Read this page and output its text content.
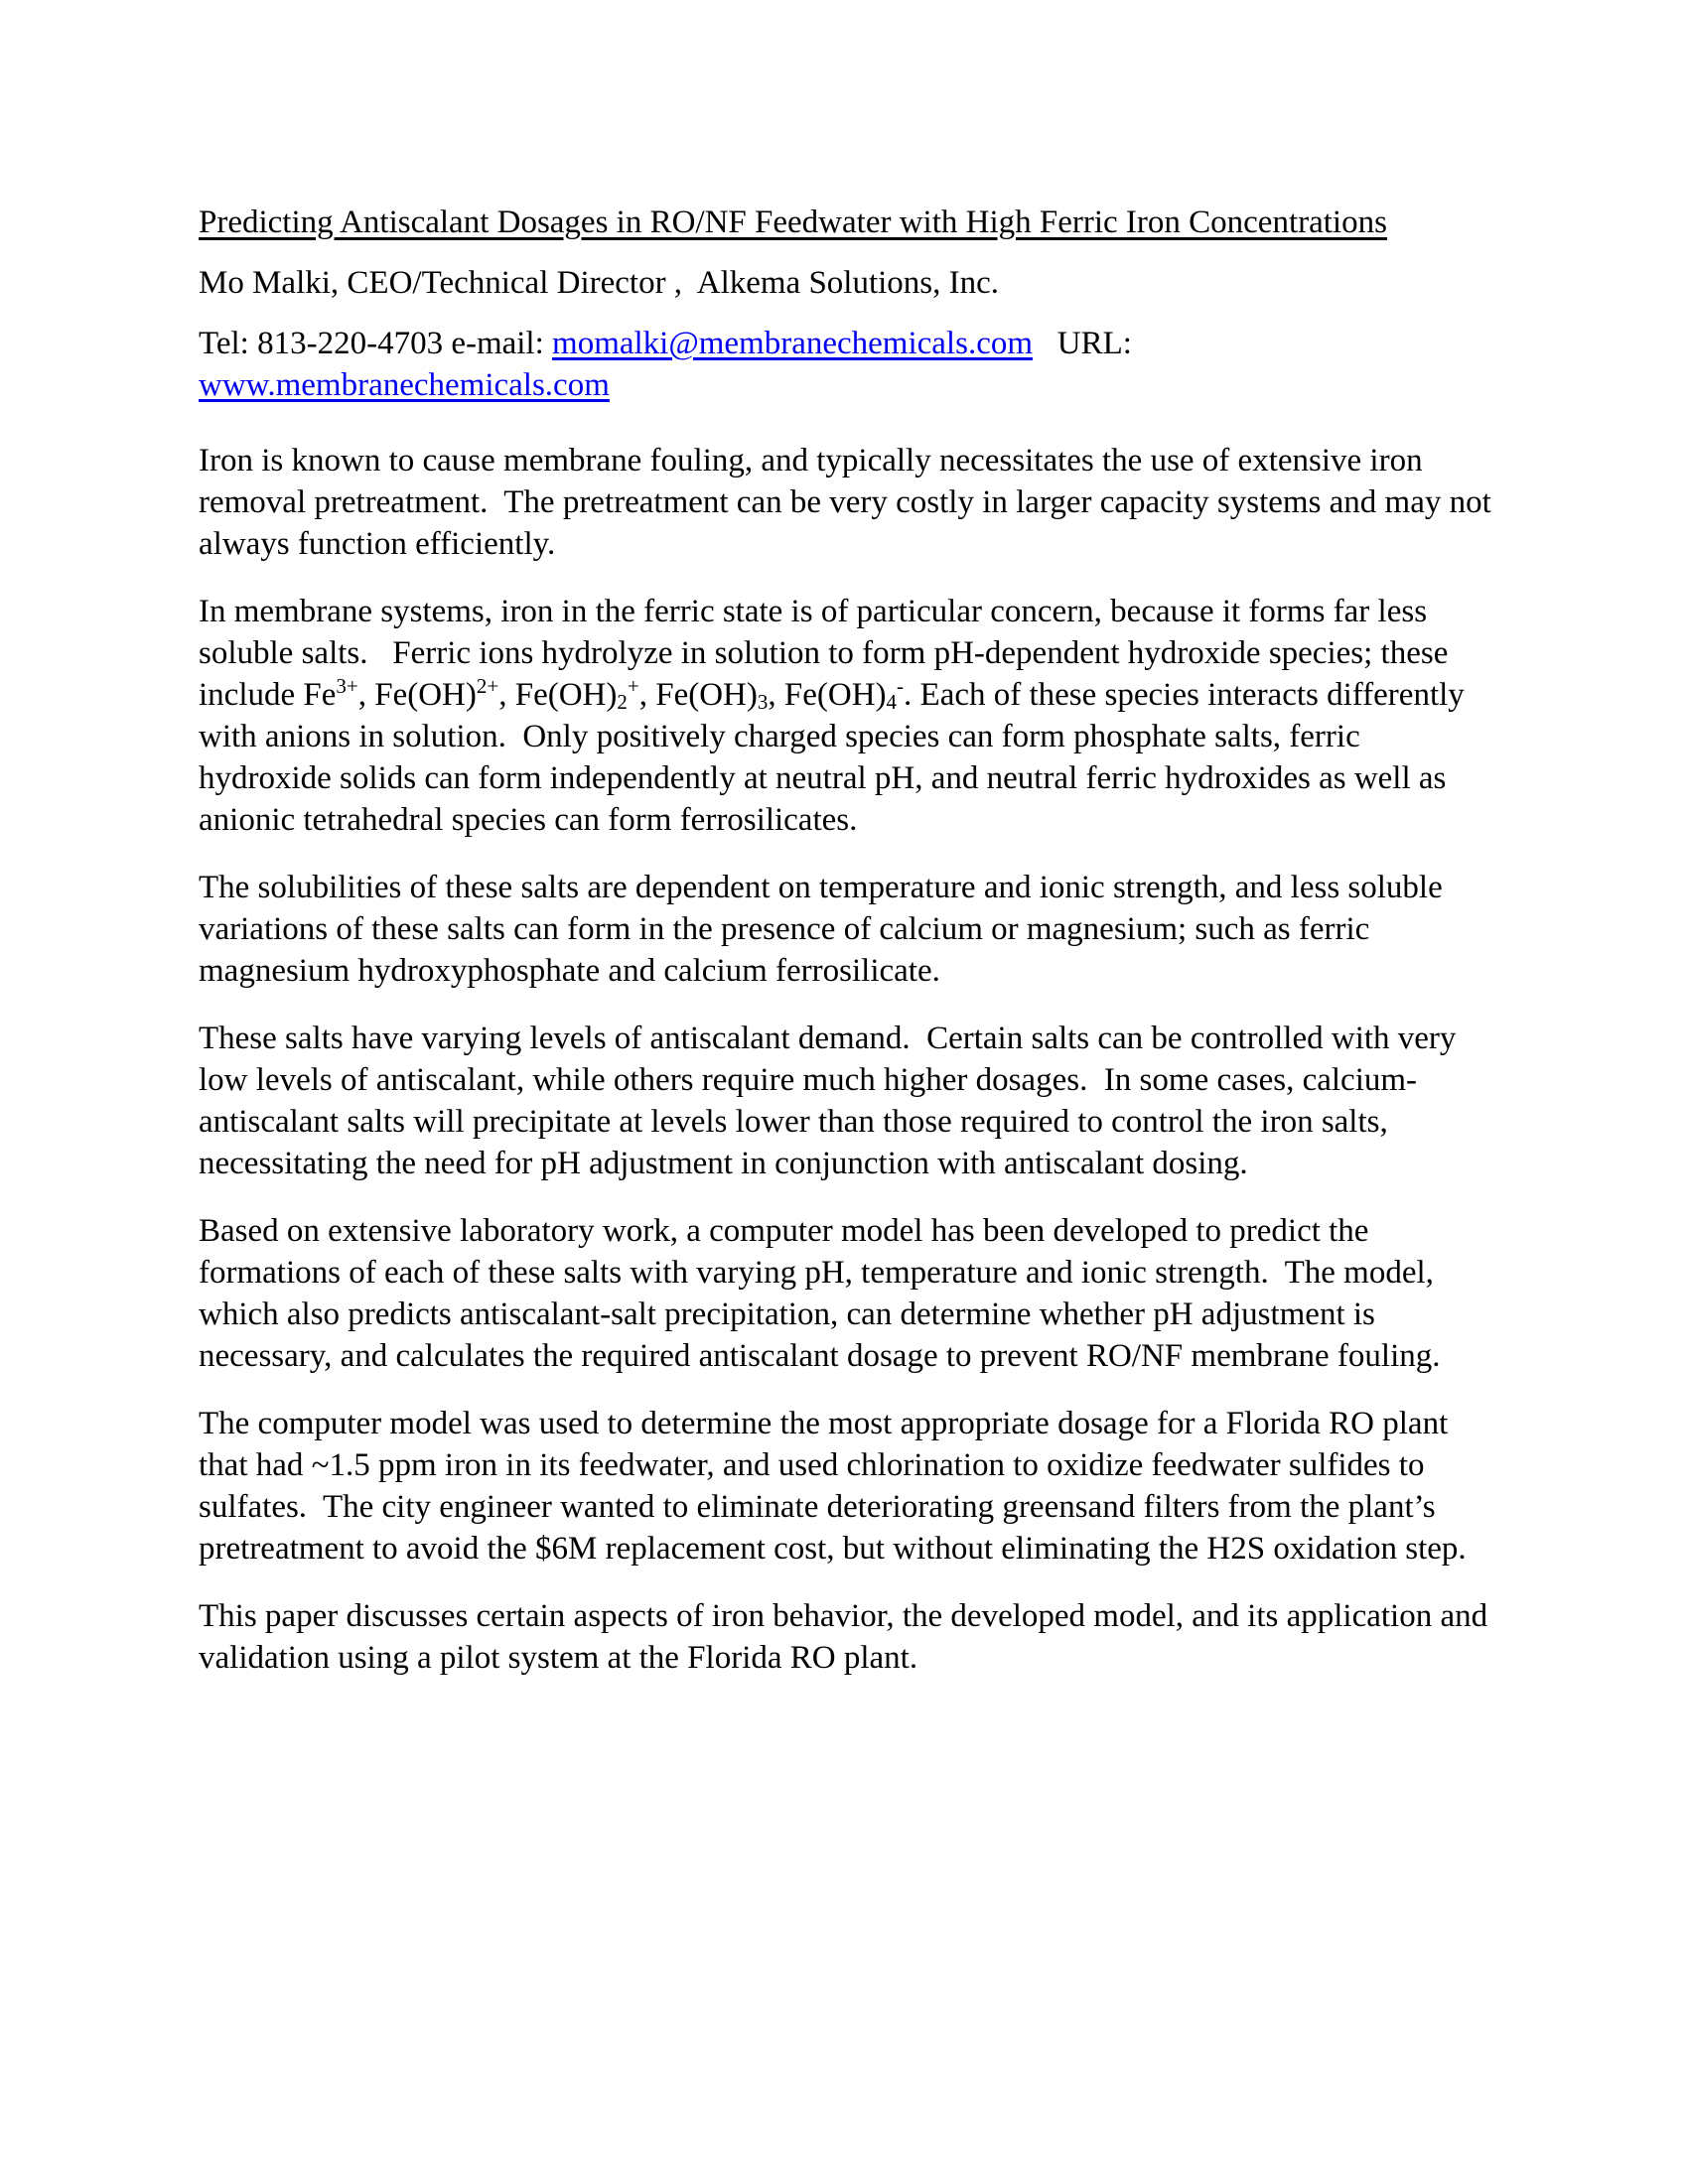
Predicting Antiscalant Dosages in RO/NF Feedwater with High Ferric Iron Concentrations

Mo Malki, CEO/Technical Director ,  Alkema Solutions, Inc.

Tel: 813-220-4703 e-mail: momalki@membranechemicals.com   URL:
www.membranechemicals.com

Iron is known to cause membrane fouling, and typically necessitates the use of extensive iron removal pretreatment.  The pretreatment can be very costly in larger capacity systems and may not always function efficiently.

In membrane systems, iron in the ferric state is of particular concern, because it forms far less soluble salts.   Ferric ions hydrolyze in solution to form pH-dependent hydroxide species; these include $Fe^{3+}$, Fe(OH)$^{2+}$, $Fe(OH)_2^+$, $Fe(OH)_3$, $Fe(OH)_4^-$. Each of these species interacts differently with anions in solution.  Only positively charged species can form phosphate salts, ferric hydroxide solids can form independently at neutral pH, and neutral ferric hydroxides as well as anionic tetrahedral species can form ferrosilicates.

The solubilities of these salts are dependent on temperature and ionic strength, and less soluble variations of these salts can form in the presence of calcium or magnesium; such as ferric magnesium hydroxyphosphate and calcium ferrosilicate.

These salts have varying levels of antiscalant demand.  Certain salts can be controlled with very low levels of antiscalant, while others require much higher dosages.  In some cases, calcium-antiscalant salts will precipitate at levels lower than those required to control the iron salts, necessitating the need for pH adjustment in conjunction with antiscalant dosing.

Based on extensive laboratory work, a computer model has been developed to predict the formations of each of these salts with varying pH, temperature and ionic strength.  The model, which also predicts antiscalant-salt precipitation, can determine whether pH adjustment is necessary, and calculates the required antiscalant dosage to prevent RO/NF membrane fouling.

The computer model was used to determine the most appropriate dosage for a Florida RO plant that had ~1.5 ppm iron in its feedwater, and used chlorination to oxidize feedwater sulfides to sulfates.  The city engineer wanted to eliminate deteriorating greensand filters from the plant’s pretreatment to avoid the $6M replacement cost, but without eliminating the H2S oxidation step.

This paper discusses certain aspects of iron behavior, the developed model, and its application and validation using a pilot system at the Florida RO plant.
